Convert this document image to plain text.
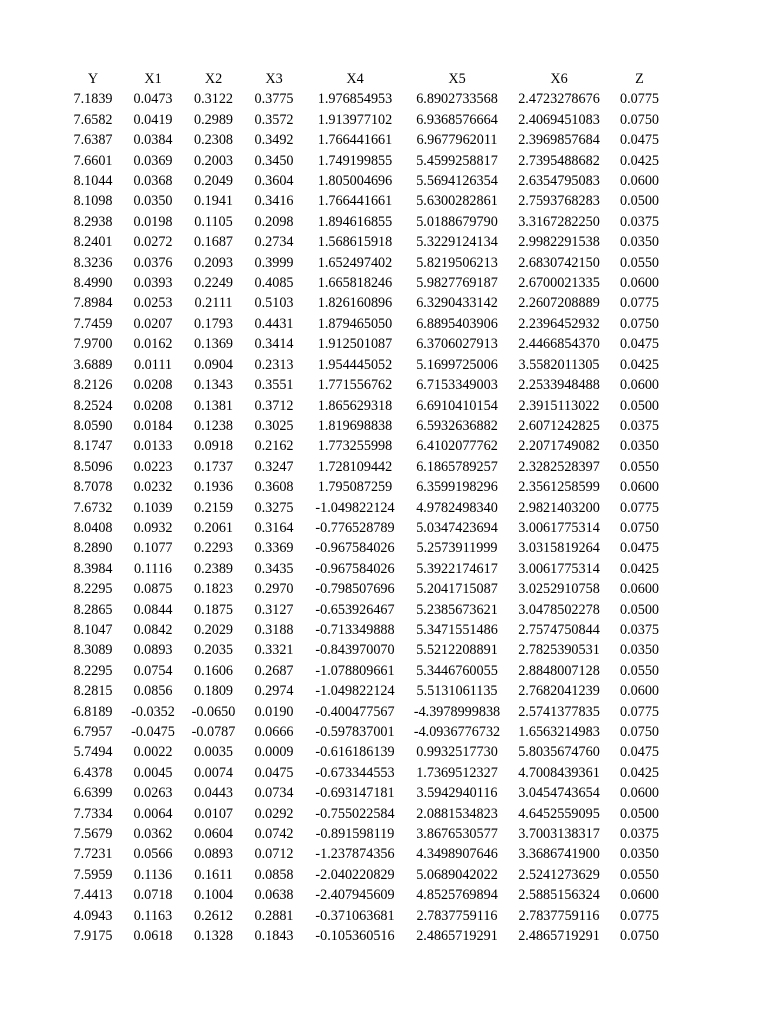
Y	X1	X2	X3	X4	X5	X6	Z
7.1839	0.0473	0.3122	0.3775	1.976854953	6.8902733568	2.4723278676	0.0775
7.6582	0.0419	0.2989	0.3572	1.913977102	6.9368576664	2.4069451083	0.0750
7.6387	0.0384	0.2308	0.3492	1.766441661	6.9677962011	2.3969857684	0.0475
7.6601	0.0369	0.2003	0.3450	1.749199855	5.4599258817	2.7395488682	0.0425
8.1044	0.0368	0.2049	0.3604	1.805004696	5.5694126354	2.6354795083	0.0600
8.1098	0.0350	0.1941	0.3416	1.766441661	5.6300282861	2.7593768283	0.0500
8.2938	0.0198	0.1105	0.2098	1.894616855	5.0188679790	3.3167282250	0.0375
8.2401	0.0272	0.1687	0.2734	1.568615918	5.3229124134	2.9982291538	0.0350
8.3236	0.0376	0.2093	0.3999	1.652497402	5.8219506213	2.6830742150	0.0550
8.4990	0.0393	0.2249	0.4085	1.665818246	5.9827769187	2.6700021335	0.0600
7.8984	0.0253	0.2111	0.5103	1.826160896	6.3290433142	2.2607208889	0.0775
7.7459	0.0207	0.1793	0.4431	1.879465050	6.8895403906	2.2396452932	0.0750
7.9700	0.0162	0.1369	0.3414	1.912501087	6.3706027913	2.4466854370	0.0475
3.6889	0.0111	0.0904	0.2313	1.954445052	5.1699725006	3.5582011305	0.0425
8.2126	0.0208	0.1343	0.3551	1.771556762	6.7153349003	2.2533948488	0.0600
8.2524	0.0208	0.1381	0.3712	1.865629318	6.6910410154	2.3915113022	0.0500
8.0590	0.0184	0.1238	0.3025	1.819698838	6.5932636882	2.6071242825	0.0375
8.1747	0.0133	0.0918	0.2162	1.773255998	6.4102077762	2.2071749082	0.0350
8.5096	0.0223	0.1737	0.3247	1.728109442	6.1865789257	2.3282528397	0.0550
8.7078	0.0232	0.1936	0.3608	1.795087259	6.3599198296	2.3561258599	0.0600
7.6732	0.1039	0.2159	0.3275	-1.049822124	4.9782498340	2.9821403200	0.0775
8.0408	0.0932	0.2061	0.3164	-0.776528789	5.0347423694	3.0061775314	0.0750
8.2890	0.1077	0.2293	0.3369	-0.967584026	5.2573911999	3.0315819264	0.0475
8.3984	0.1116	0.2389	0.3435	-0.967584026	5.3922174617	3.0061775314	0.0425
8.2295	0.0875	0.1823	0.2970	-0.798507696	5.2041715087	3.0252910758	0.0600
8.2865	0.0844	0.1875	0.3127	-0.653926467	5.2385673621	3.0478502278	0.0500
8.1047	0.0842	0.2029	0.3188	-0.713349888	5.3471551486	2.7574750844	0.0375
8.3089	0.0893	0.2035	0.3321	-0.843970070	5.5212208891	2.7825390531	0.0350
8.2295	0.0754	0.1606	0.2687	-1.078809661	5.3446760055	2.8848007128	0.0550
8.2815	0.0856	0.1809	0.2974	-1.049822124	5.5131061135	2.7682041239	0.0600
6.8189	-0.0352	-0.0650	0.0190	-0.400477567	-4.3978999838	2.5741377835	0.0775
6.7957	-0.0475	-0.0787	0.0666	-0.597837001	-4.0936776732	1.6563214983	0.0750
5.7494	0.0022	0.0035	0.0009	-0.616186139	0.9932517730	5.8035674760	0.0475
6.4378	0.0045	0.0074	0.0475	-0.673344553	1.7369512327	4.7008439361	0.0425
6.6399	0.0263	0.0443	0.0734	-0.693147181	3.5942940116	3.0454743654	0.0600
7.7334	0.0064	0.0107	0.0292	-0.755022584	2.0881534823	4.6452559095	0.0500
7.5679	0.0362	0.0604	0.0742	-0.891598119	3.8676530577	3.7003138317	0.0375
7.7231	0.0566	0.0893	0.0712	-1.237874356	4.3498907646	3.3686741900	0.0350
7.5959	0.1136	0.1611	0.0858	-2.040220829	5.0689042022	2.5241273629	0.0550
7.4413	0.0718	0.1004	0.0638	-2.407945609	4.8525769894	2.5885156324	0.0600
4.0943	0.1163	0.2612	0.2881	-0.371063681	2.7837759116	2.7837759116	0.0775
7.9175	0.0618	0.1328	0.1843	-0.105360516	2.4865719291	2.4865719291	0.0750
